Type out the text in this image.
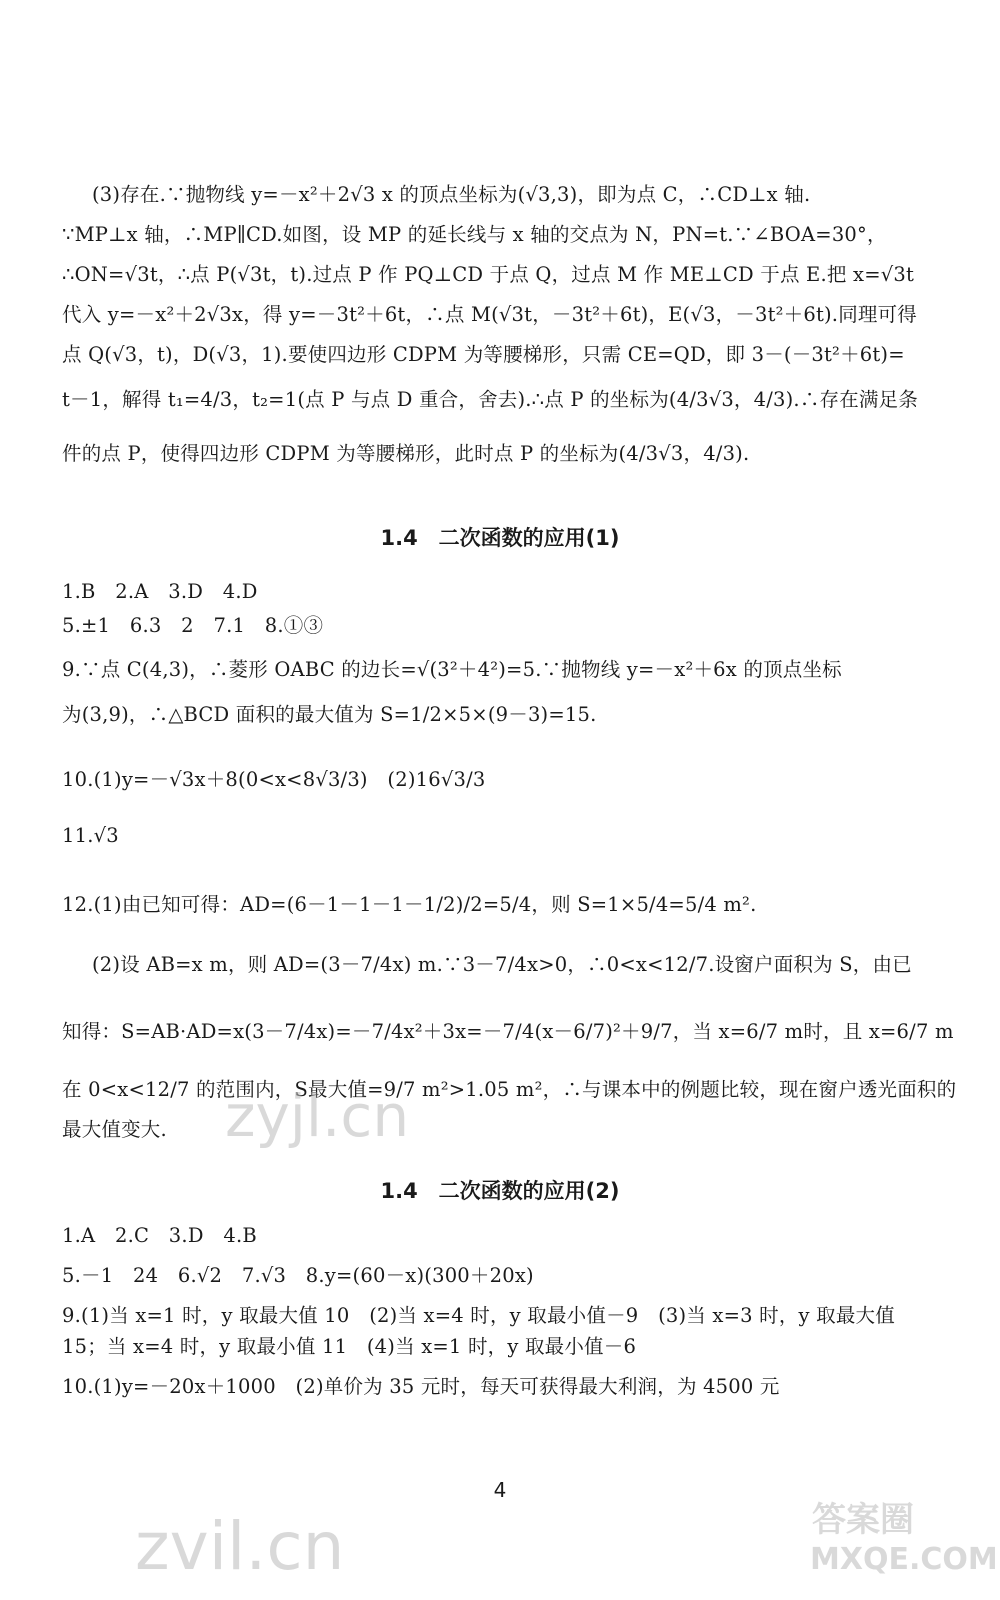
(3)存在.∵抛物线 y=－x²＋2√3 x 的顶点坐标为(√3,3)，即为点 C，∴CD⊥x 轴.
∵MP⊥x 轴，∴MP∥CD.如图，设 MP 的延长线与 x 轴的交点为 N，PN=t.∵∠BOA=30°，
∴ON=√3t，∴点 P(√3t，t).过点 P 作 PQ⊥CD 于点 Q，过点 M 作 ME⊥CD 于点 E.把 x=√3t
代入 y=－x²＋2√3x，得 y=－3t²＋6t，∴点 M(√3t，－3t²＋6t)，E(√3，－3t²＋6t).同理可得
点 Q(√3，t)，D(√3，1).要使四边形 CDPM 为等腰梯形，只需 CE=QD，即 3－(－3t²＋6t)=
t－1，解得 t₁=4/3，t₂=1(点 P 与点 D 重合，舍去).∴点 P 的坐标为(4/3√3，4/3).∴存在满足条
件的点 P，使得四边形 CDPM 为等腰梯形，此时点 P 的坐标为(4/3√3，4/3).
1.4　二次函数的应用(1)
1.B　2.A　3.D　4.D
5.±1　6.3　2　7.1　8.①③
9.∵点 C(4,3)，∴菱形 OABC 的边长=√(3²＋4²)=5.∵抛物线 y=－x²＋6x 的顶点坐标
为(3,9)，∴△BCD 面积的最大值为 S=1/2×5×(9－3)=15.
10.(1)y=－√3x＋8(0<x<8√3/3)　(2)16√3/3
11.√3
12.(1)由已知可得：AD=(6－1－1－1－1/2)/2=5/4，则 S=1×5/4=5/4 m².
(2)设 AB=x m，则 AD=(3－7/4x) m.∵3－7/4x>0，∴0<x<12/7.设窗户面积为 S，由已
知得：S=AB·AD=x(3－7/4x)=－7/4x²＋3x=－7/4(x－6/7)²＋9/7，当 x=6/7 m时，且 x=6/7 m
在 0<x<12/7 的范围内，S最大值=9/7 m²>1.05 m²，∴与课本中的例题比较，现在窗户透光面积的
最大值变大.
1.4　二次函数的应用(2)
1.A　2.C　3.D　4.B
5.－1　24　6.√2　7.√3　8.y=(60－x)(300＋20x)
9.(1)当 x=1 时，y 取最大值 10　(2)当 x=4 时，y 取最小值－9　(3)当 x=3 时，y 取最大值
15；当 x=4 时，y 取最小值 11　(4)当 x=1 时，y 取最小值－6
10.(1)y=－20x＋1000　(2)单价为 35 元时，每天可获得最大利润，为 4500 元
4
zyjl.cn
zvil.cn	答案圈
MXQE.COM
